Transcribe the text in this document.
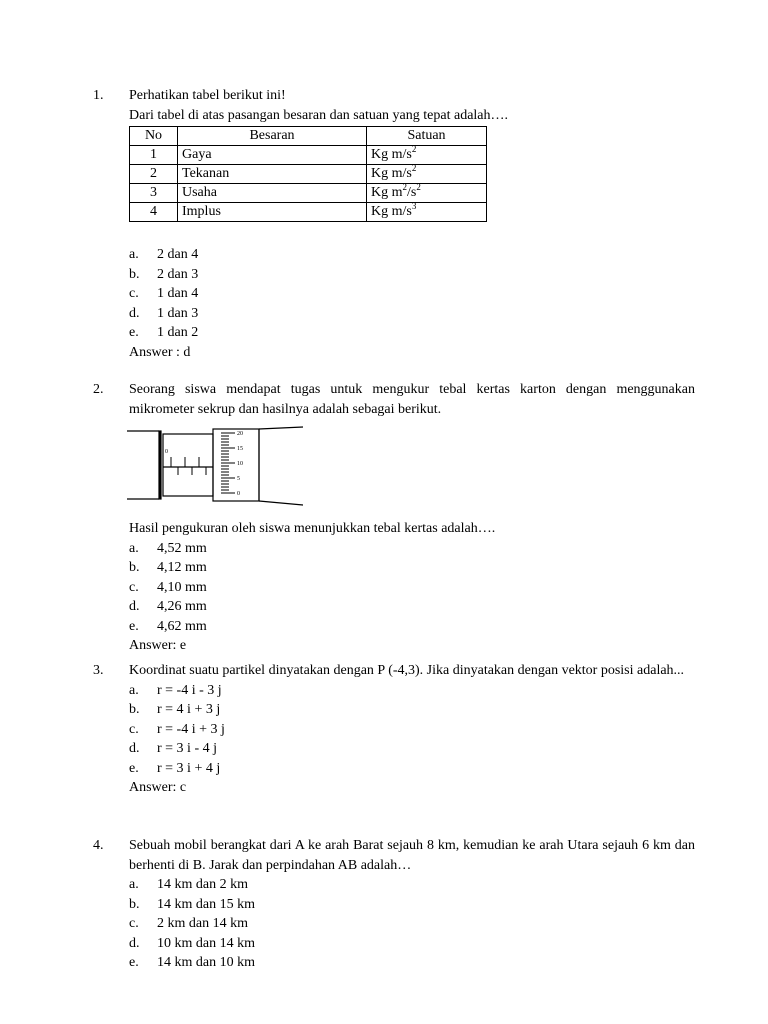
1. Perhatikan tabel berikut ini!
Dari tabel di atas pasangan besaran dan satuan yang tepat adalah….
No	Besaran	Satuan
1	Gaya	Kg $m/s^2$
2	Tekanan	Kg $m/s^2$
3	Usaha	Kg $m^2/s^2$
4	Implus	Kg $m/s^3$
a. 2 dan 4
b. 2 dan 3
c. 1 dan 4
d. 1 dan 3
e. 1 dan 2
Answer : d
2. Seorang siswa mendapat tugas untuk mengukur tebal kertas karton dengan menggunakan mikrometer sekrup dan hasilnya adalah sebagai berikut.
0
20
15
10
5
0
Hasil pengukuran oleh siswa menunjukkan tebal kertas adalah….
a. 4,52 mm
b. 4,12 mm
c. 4,10 mm
d. 4,26 mm
e. 4,62 mm
Answer: e
3. Koordinat suatu partikel dinyatakan dengan P (-4,3). Jika dinyatakan dengan vektor posisi adalah...
a. r = -4 i - 3 j
b. r = 4 i + 3 j
c. r = -4 i + 3 j
d. r = 3 i - 4 j
e. r = 3 i + 4 j
Answer: c
4. Sebuah mobil berangkat dari A ke arah Barat sejauh 8 km, kemudian ke arah Utara sejauh 6 km dan berhenti di B. Jarak dan perpindahan AB adalah…
a. 14 km dan 2 km
b. 14 km dan 15 km
c. 2 km dan 14 km
d. 10 km dan 14 km
e. 14 km dan 10 km
